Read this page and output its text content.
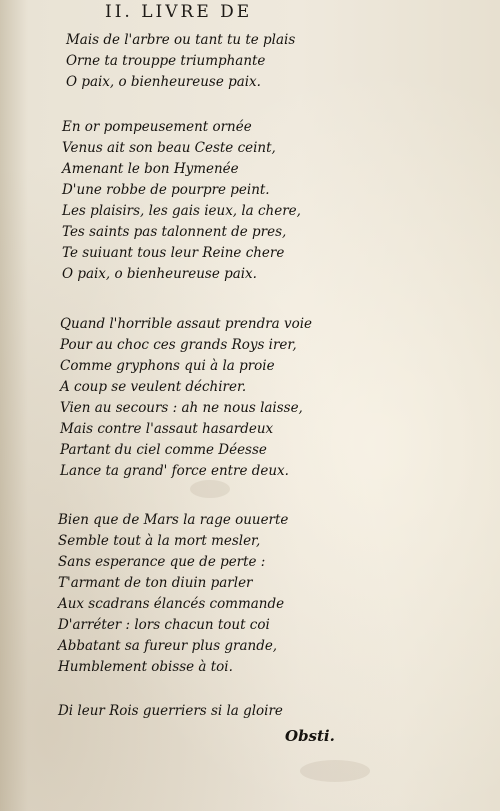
II. LIVRE DE
Mais de l'arbre ou tant tu te plais
Orne ta trouppe triumphante
O paix, o bienheureuse paix.
En or pompeusement ornée
Venus ait son beau Ceste ceint,
Amenant le bon Hymenée
D'une robbe de pourpre peint.
Les plaisirs, les gais ieux, la chere,
Tes saints pas talonnent de pres,
Te suiuant tous leur Reine chere
O paix, o bienheureuse paix.
Quand l'horrible assaut prendra voie
Pour au choc ces grands Roys irer,
Comme gryphons qui à la proie
A coup se veulent déchirer.
Vien au secours : ah ne nous laisse,
Mais contre l'assaut hasardeux
Partant du ciel comme Déesse
Lance ta grand' force entre deux.
Bien que de Mars la rage ouuerte
Semble tout à la mort mesler,
Sans esperance que de perte :
T'armant de ton diuin parler
Aux scadrans élancés commande
D'arréter : lors chacun tout coi
Abbatant sa fureur plus grande,
Humblement obisse à toi.
Di leur Rois guerriers si la gloire
Obsti.
